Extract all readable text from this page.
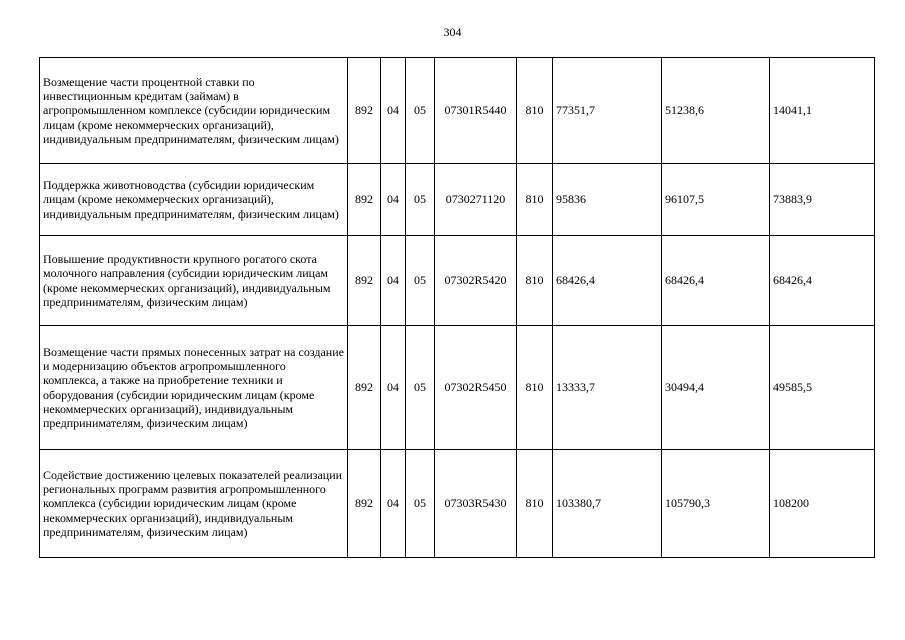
304
Возмещение части процентной ставки по инвестиционным кредитам (займам) в агропромышленном комплексе (субсидии юридическим лицам (кроме некоммерческих организаций), индивидуальным предпринимателям, физическим лицам)	892	04	05	07301R5440	810	77351,7	51238,6	14041,1
Поддержка животноводства (субсидии юридическим лицам (кроме некоммерческих организаций), индивидуальным предпринимателям, физическим лицам)	892	04	05	0730271120	810	95836	96107,5	73883,9
Повышение продуктивности крупного рогатого скота молочного направления (субсидии юридическим лицам (кроме некоммерческих организаций), индивидуальным предпринимателям, физическим лицам)	892	04	05	07302R5420	810	68426,4	68426,4	68426,4
Возмещение части прямых понесенных затрат на создание и модернизацию объектов агропромышленного комплекса, а также на приобретение техники и оборудования (субсидии юридическим лицам (кроме некоммерческих организаций), индивидуальным предпринимателям, физическим лицам)	892	04	05	07302R5450	810	13333,7	30494,4	49585,5
Содействие достижению целевых показателей реализации региональных программ развития агропромышленного комплекса (субсидии юридическим лицам (кроме некоммерческих организаций), индивидуальным предпринимателям, физическим лицам)	892	04	05	07303R5430	810	103380,7	105790,3	108200
